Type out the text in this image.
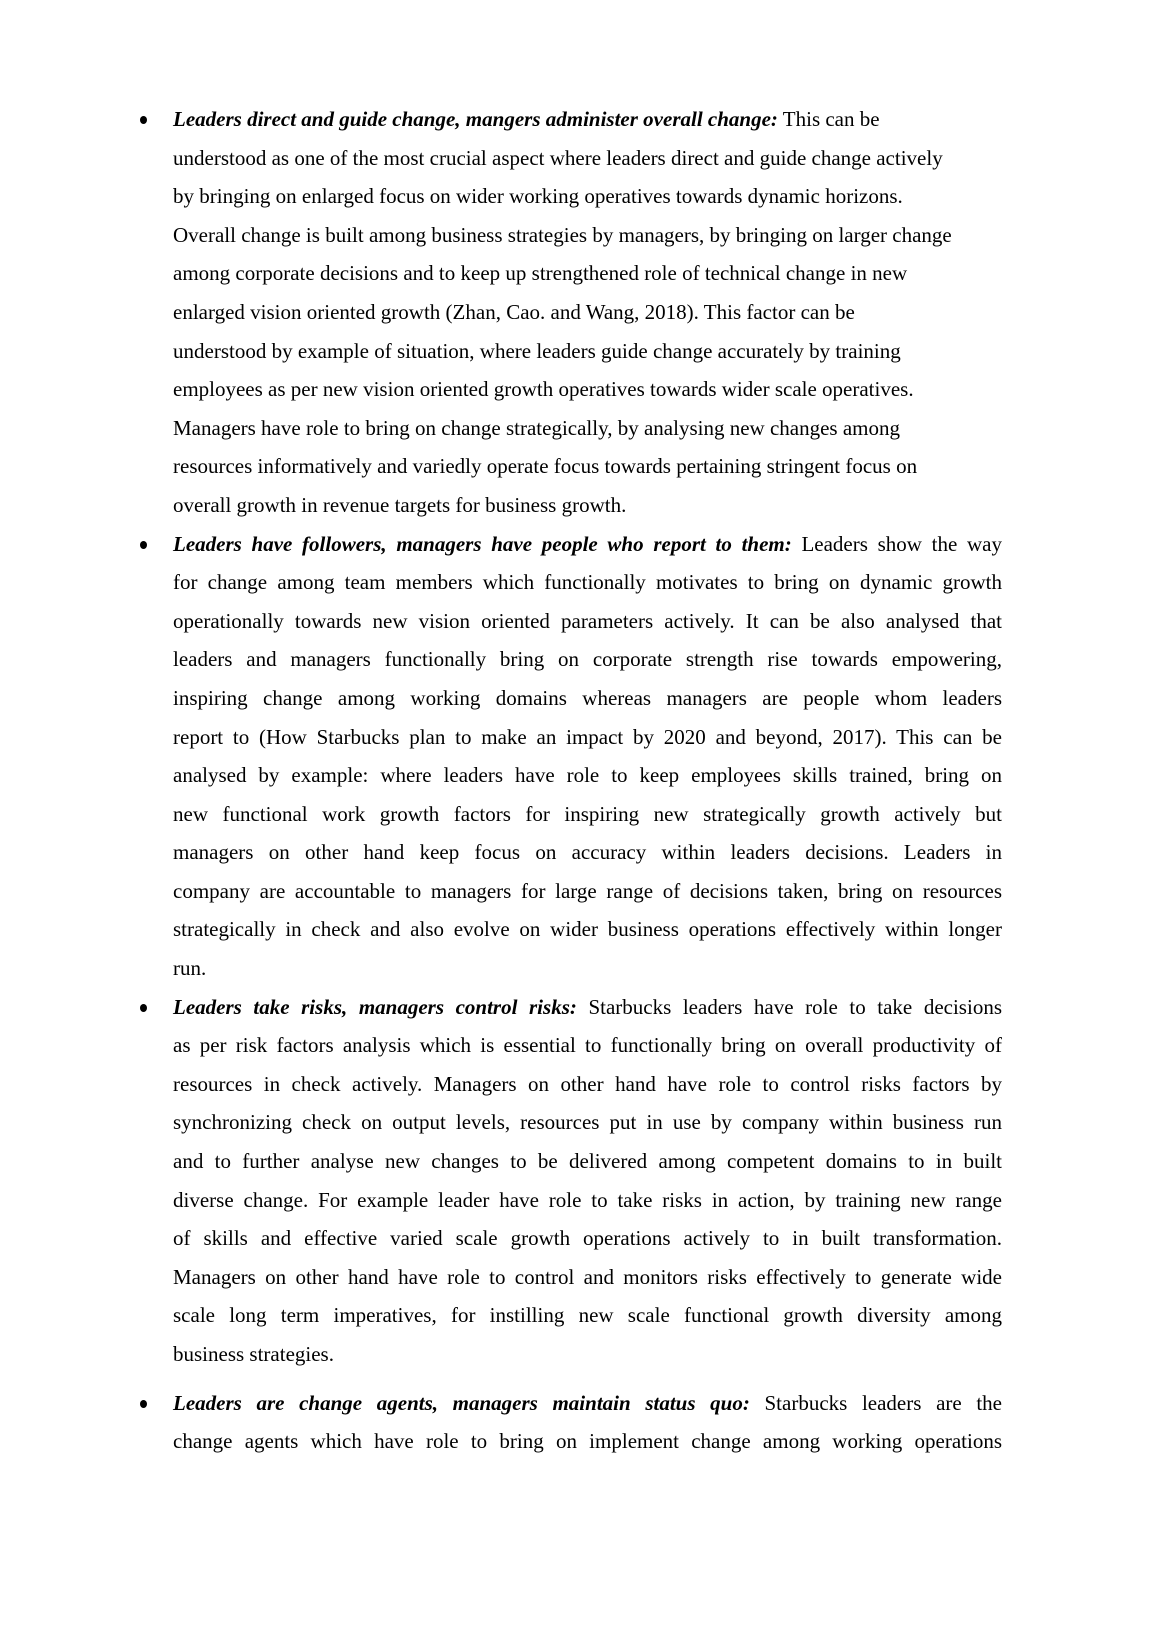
Leaders direct and guide change, mangers administer overall change: This can be
understood as one of the most crucial aspect where leaders direct and guide change actively
by bringing on enlarged focus on wider working operatives towards dynamic horizons.
Overall change is built among business strategies by managers, by bringing on larger change
among corporate decisions and to keep up strengthened role of technical change in new
enlarged vision oriented growth (Zhan, Cao. and Wang, 2018). This factor can be
understood by example of situation, where leaders guide change accurately by training
employees as per new vision oriented growth operatives towards wider scale operatives.
Managers have role to bring on change strategically, by analysing new changes among
resources informatively and variedly operate focus towards pertaining stringent focus on
overall growth in revenue targets for business growth.
Leaders have followers, managers have people who report to them: Leaders show the way
for change among team members which functionally motivates to bring on dynamic growth
operationally towards new vision oriented parameters actively. It can be also analysed that
leaders and managers functionally bring on corporate strength rise towards empowering,
inspiring change among working domains whereas managers are people whom leaders
report to (How Starbucks plan to make an impact by 2020 and beyond, 2017). This can be
analysed by example: where leaders have role to keep employees skills trained, bring on
new functional work growth factors for inspiring new strategically growth actively but
managers on other hand keep focus on accuracy within leaders decisions. Leaders in
company are accountable to managers for large range of decisions taken, bring on resources
strategically in check and also evolve on wider business operations effectively within longer
run.
Leaders take risks, managers control risks: Starbucks leaders have role to take decisions
as per risk factors analysis which is essential to functionally bring on overall productivity of
resources in check actively. Managers on other hand have role to control risks factors by
synchronizing check on output levels, resources put in use by company within business run
and to further analyse new changes to be delivered among competent domains to in built
diverse change. For example leader have role to take risks in action, by training new range
of skills and effective varied scale growth operations actively to in built transformation.
Managers on other hand have role to control and monitors risks effectively to generate wide
scale long term imperatives, for instilling new scale functional growth diversity among
business strategies.
Leaders are change agents, managers maintain status quo: Starbucks leaders are the
change agents which have role to bring on implement change among working operations
